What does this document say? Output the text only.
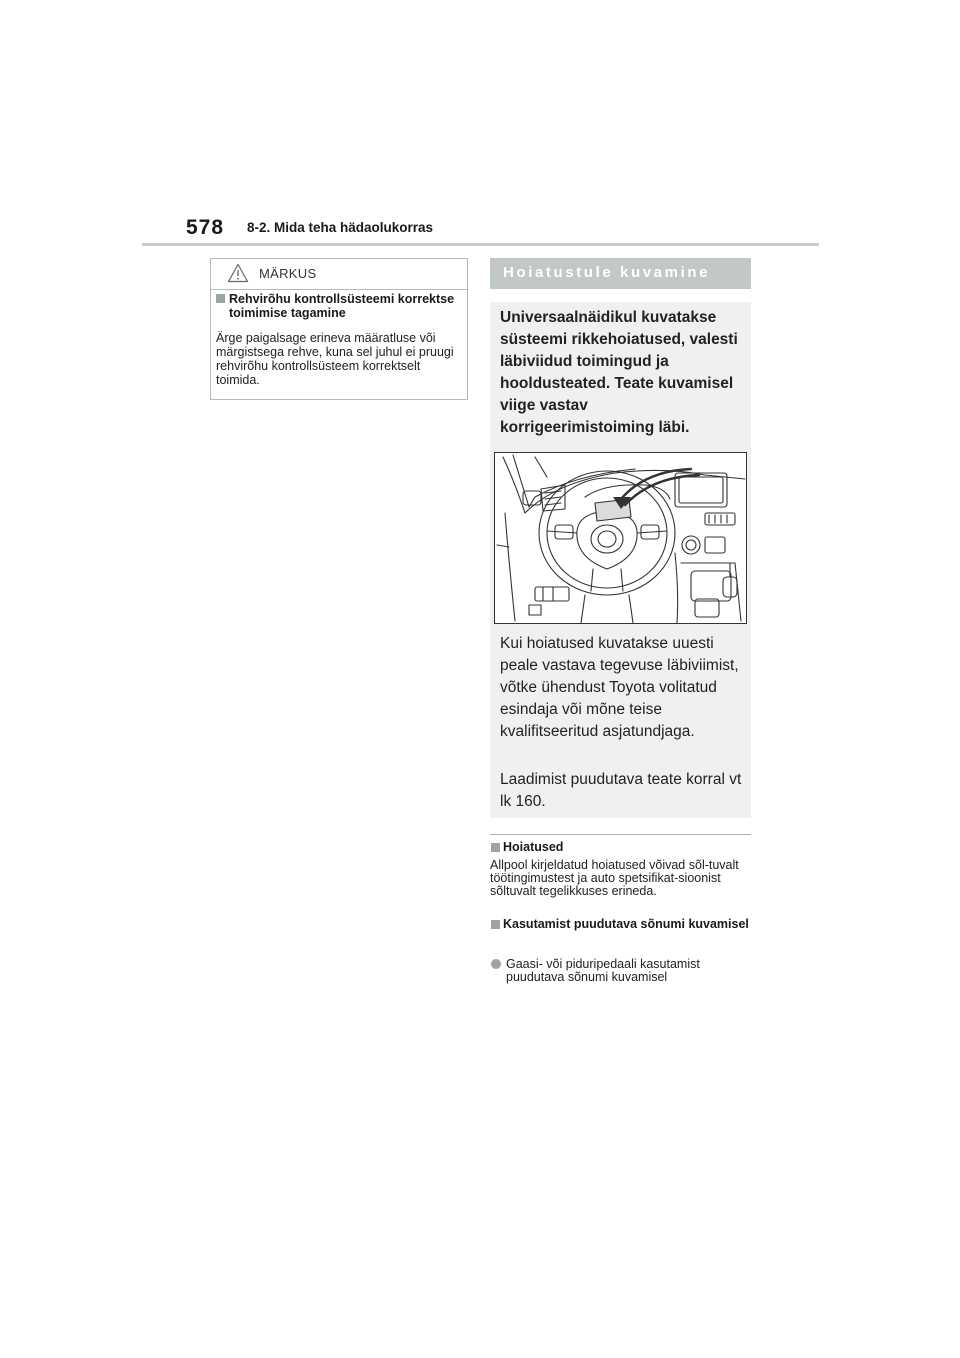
578 8-2. Mida teha hädaolukorras
MÄRKUS
Rehvirõhu kontrollsüsteemi korrektse toimimise tagamine
Ärge paigalsage erineva määratluse või märgistsega rehve, kuna sel juhul ei pruugi rehvirõhu kontrollsüsteem korrektselt toimida.
Hoiatustule kuvamine
Universaalnäidikul kuvatakse süsteemi rikkehoiatused, valesti läbiviidud toimingud ja hooldusteated. Teate kuvamisel viige vastav korrigeerimistoiming läbi.
Kui hoiatused kuvatakse uuesti peale vastava tegevuse läbiviimist, võtke ühendust Toyota volitatud esindaja või mõne teise kvalifitseeritud asjatundjaga.
Laadimist puudutava teate korral vt lk 160.
Hoiatused
Allpool kirjeldatud hoiatused võivad sõl-tuvalt töötingimustest ja auto spetsifikat-sioonist sõltuvalt tegelikkuses erineda.
Kasutamist puudutava sõnumi kuvamisel
Gaasi- või piduripedaali kasutamist puudutava sõnumi kuvamisel
